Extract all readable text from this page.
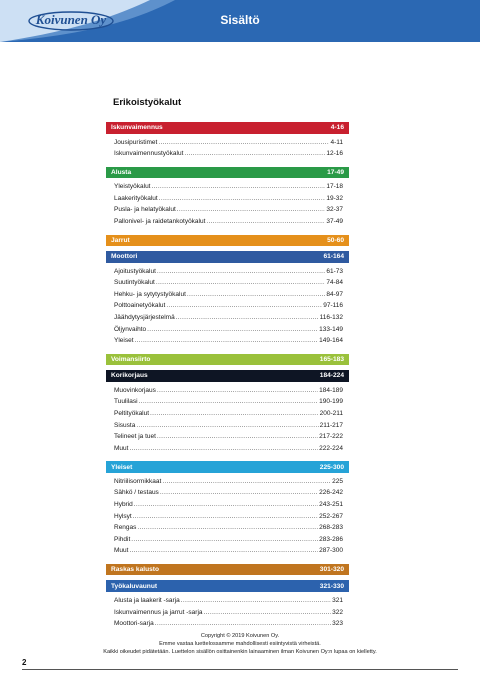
Koivunen Oy	Sisältö
Erikoistyökalut
Iskunvaimennus	4-16
Jousipuristimet .....	4-11
Iskunvaimennustyökalut .....	12-16
Alusta	17-49
Yleistyökalut .....	17-18
Laakerityökalut .....	19-32
Pusla- ja helatyökalut .....	32-37
Pallonivel- ja raidetankotyökalut .....	37-49
Jarrut	50-60
Moottori	61-164
Ajoitustyökalut .....	61-73
Suutintyökalut .....	74-84
Hehku- ja sytytystyökalut .....	84-97
Polttoainetyökalut .....	97-116
Jäähdytysjärjestelmä .....	116-132
Öljynvaihto .....	133-149
Yleiset .....	149-164
Voimansiirto	165-183
Korikorjaus	184-224
Muovinkorjaus .....	184-189
Tuulilasi .....	190-199
Peltityökalut .....	200-211
Sisusta .....	211-217
Telineet ja tuet .....	217-222
Muut .....	222-224
Yleiset	225-300
Nitriilisormikkaat .....	225
Sähkö / testaus .....	226-242
Hybrid .....	243-251
Hylsyt .....	252-267
Rengas .....	268-283
Pihdit .....	283-286
Muut .....	287-300
Raskas kalusto	301-320
Työkaluvaunut	321-330
Alusta ja laakerit -sarja .....	321
Iskunvaimennus ja jarrut -sarja .....	322
Moottori-sarja .....	323
Copyright © 2019 Koivunen Oy.
Emme vastaa luettelossamme mahdollisesti esiintyvistä virheistä.
Kaikki oikeudet pidätetään. Luettelon sisällön osittainenkin lainaaminen ilman Koivunen Oy:n lupaa on kielletty.
2
